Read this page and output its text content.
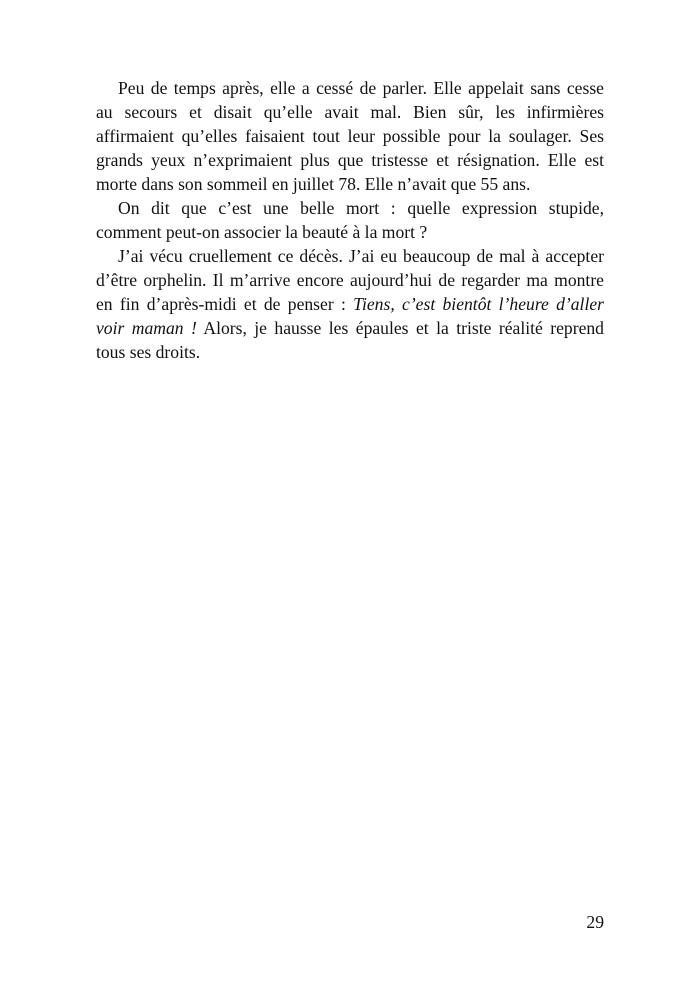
Peu de temps après, elle a cessé de parler. Elle appelait sans cesse
au secours et disait qu’elle avait mal. Bien sûr, les infirmières
affirmaient qu’elles faisaient tout leur possible pour la soulager. Ses
grands yeux n’exprimaient plus que tristesse et résignation. Elle est
morte dans son sommeil en juillet 78. Elle n’avait que 55 ans.
On dit que c’est une belle mort : quelle expression stupide,
comment peut-on associer la beauté à la mort ?
J’ai vécu cruellement ce décès. J’ai eu beaucoup de mal à accepter
d’être orphelin. Il m’arrive encore aujourd’hui de regarder ma montre
en fin d’après-midi et de penser : Tiens, c’est bientôt l’heure d’aller
voir maman ! Alors, je hausse les épaules et la triste réalité reprend
tous ses droits.
29
